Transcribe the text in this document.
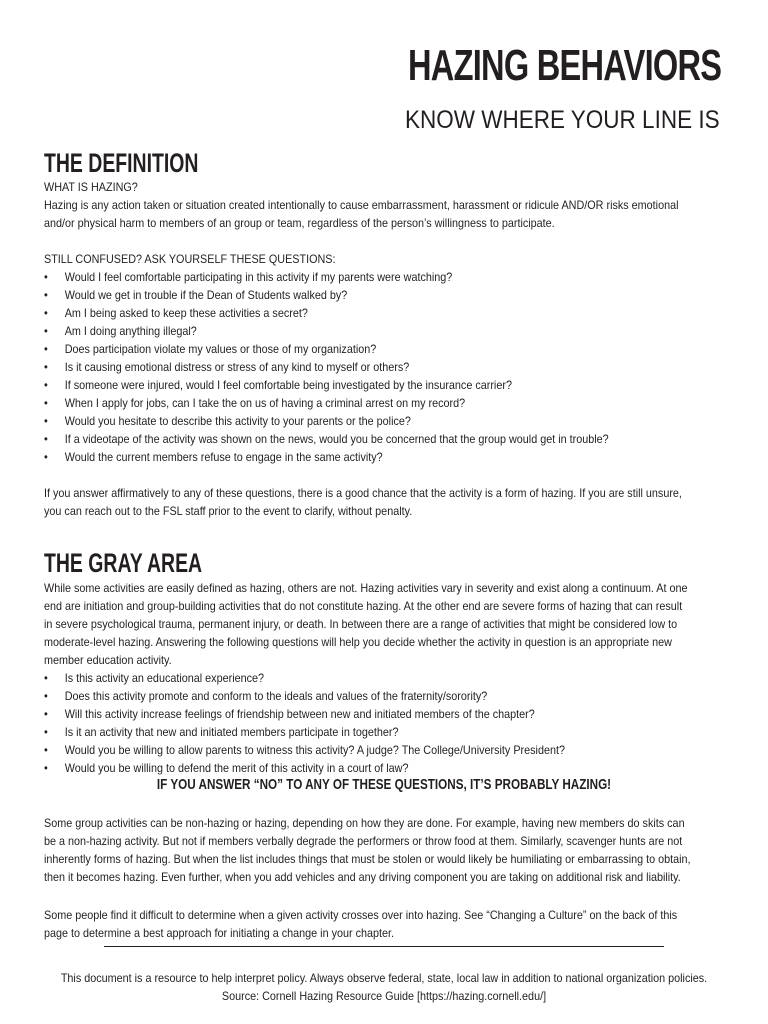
HAZING BEHAVIORS
KNOW WHERE YOUR LINE IS
THE DEFINITION

WHAT IS HAZING?

Hazing is any action taken or situation created intentionally to cause embarrassment, harassment or ridicule AND/OR risks emotional

and/or physical harm to members of an group or team, regardless of the person’s willingness to participate.

STILL CONFUSED? ASK YOURSELF THESE QUESTIONS:

• Would I feel comfortable participating in this activity if my parents were watching?
• Would we get in trouble if the Dean of Students walked by?
• Am I being asked to keep these activities a secret?
• Am I doing anything illegal?
• Does participation violate my values or those of my organization?
• Is it causing emotional distress or stress of any kind to myself or others?
• If someone were injured, would I feel comfortable being investigated by the insurance carrier?
• When I apply for jobs, can I take the on us of having a criminal arrest on my record?
• Would you hesitate to describe this activity to your parents or the police?
• If a videotape of the activity was shown on the news, would you be concerned that the group would get in trouble?
• Would the current members refuse to engage in the same activity?

If you answer affirmatively to any of these questions, there is a good chance that the activity is a form of hazing. If you are still unsure,

you can reach out to the FSL staff prior to the event to clarify, without penalty.

THE GRAY AREA

While some activities are easily defined as hazing, others are not. Hazing activities vary in severity and exist along a continuum. At one

end are initiation and group-building activities that do not constitute hazing. At the other end are severe forms of hazing that can result

in severe psychological trauma, permanent injury, or death. In between there are a range of activities that might be considered low to

moderate-level hazing. Answering the following questions will help you decide whether the activity in question is an appropriate new

member education activity.

• Is this activity an educational experience?
• Does this activity promote and conform to the ideals and values of the fraternity/sorority?
• Will this activity increase feelings of friendship between new and initiated members of the chapter?
• Is it an activity that new and initiated members participate in together?
• Would you be willing to allow parents to witness this activity? A judge? The College/University President?
• Would you be willing to defend the merit of this activity in a court of law?
IF YOU ANSWER “NO” TO ANY OF THESE QUESTIONS, IT’S PROBABLY HAZING!

Some group activities can be non-hazing or hazing, depending on how they are done. For example, having new members do skits can

be a non-hazing activity. But not if members verbally degrade the performers or throw food at them. Similarly, scavenger hunts are not

inherently forms of hazing. But when the list includes things that must be stolen or would likely be humiliating or embarrassing to obtain,

then it becomes hazing. Even further, when you add vehicles and any driving component you are taking on additional risk and liability.

Some people find it difficult to determine when a given activity crosses over into hazing. See “Changing a Culture” on the back of this

page to determine a best approach for initiating a change in your chapter.

This document is a resource to help interpret policy. Always observe federal, state, local law in addition to national organization policies.

Source: Cornell Hazing Resource Guide [https://hazing.cornell.edu/]
